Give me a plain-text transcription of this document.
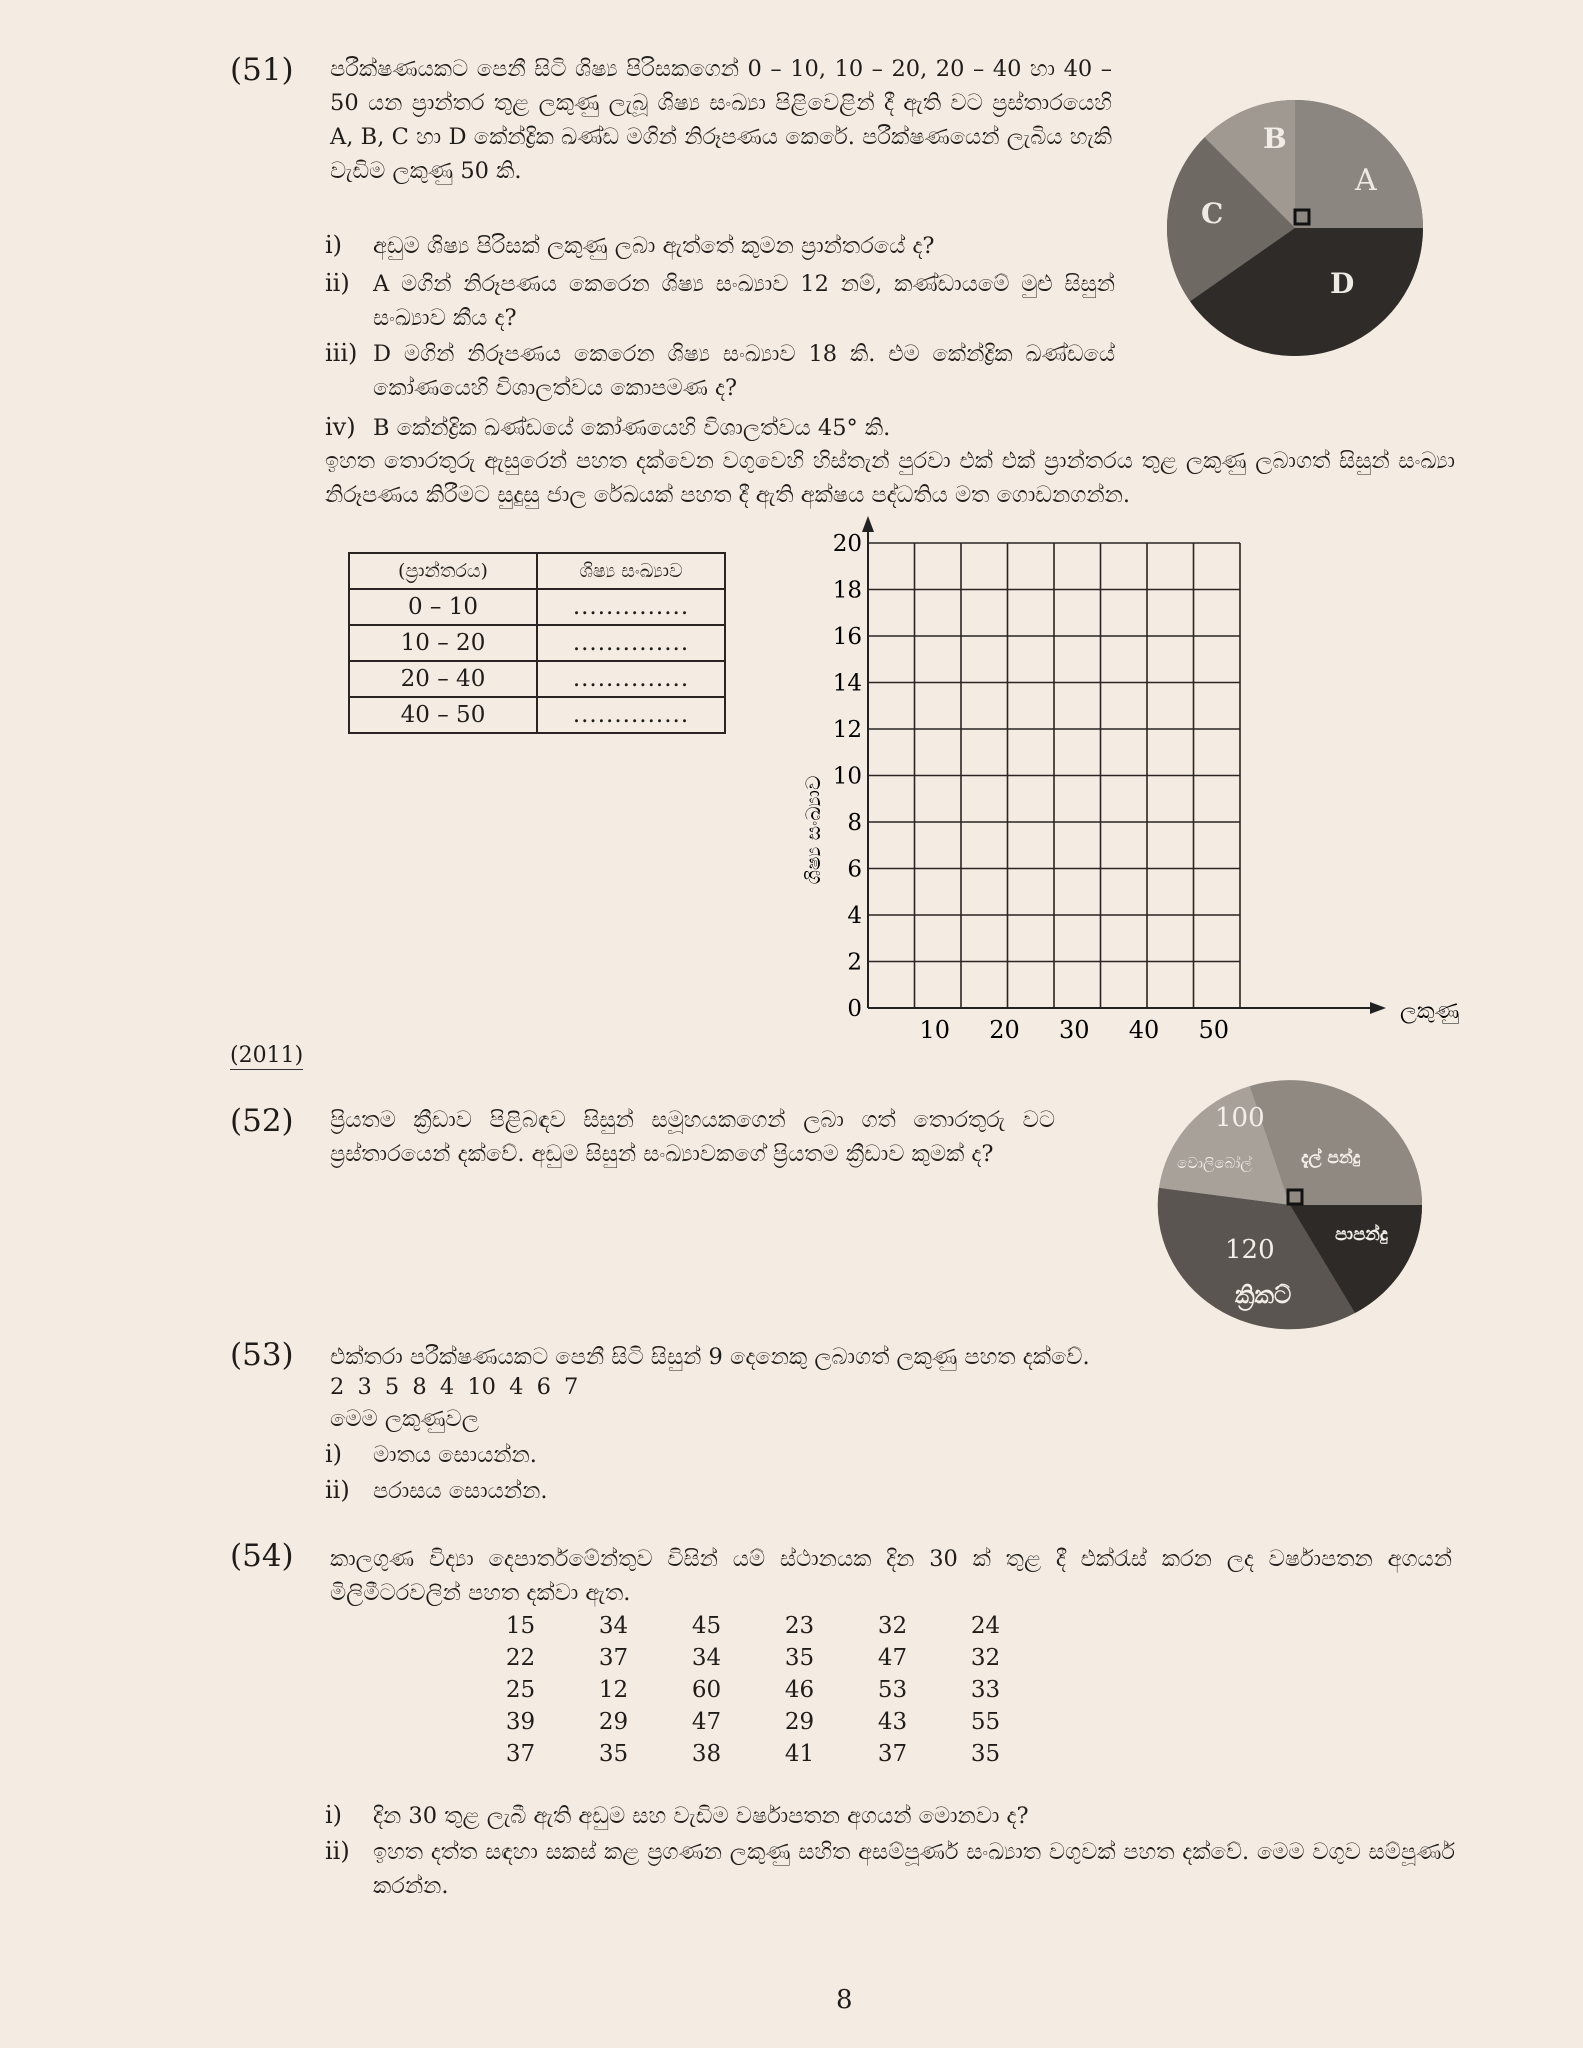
(51) පරීක්ෂණයකට පෙනී සිටි ශිෂ්‍ය පිරිසකගෙන් 0 – 10, 10 – 20, 20 – 40 හා 40 – 50 යන ප්‍රාන්තර තුළ ලකුණු ලැබූ ශිෂ්‍ය සංඛ්‍යා පිළිවෙළින් දී ඇති වට ප්‍රස්තාරයෙහි A, B, C හා D කේන්ද්‍රික ඛණ්ඩ මගින් නිරූපණය කෙරේ. පරීක්ෂණයෙන් ලැබිය හැකි වැඩිම ලකුණු 50 කි.
i) අඩුම ශිෂ්‍ය පිරිසක් ලකුණු ලබා ඇත්තේ කුමන ප්‍රාන්තරයේ ද?
ii) A මගින් නිරූපණය කෙරෙන ශිෂ්‍ය සංඛ්‍යාව 12 නම්, කණ්ඩායමේ මුළු සිසුන් සංඛ්‍යාව කීය ද?
iii) D මගින් නිරූපණය කෙරෙන ශිෂ්‍ය සංඛ්‍යාව 18 කි. එම කේන්ද්‍රික ඛණ්ඩයේ කෝණයෙහි විශාලත්වය කොපමණ ද?
iv) B කේන්ද්‍රික ඛණ්ඩයේ කෝණයෙහි විශාලත්වය 45° කි.
ඉහත තොරතුරු ඇසුරෙන් පහත දක්වෙන වගුවෙහි හිස්තැන් පුරවා එක් එක් ප්‍රාන්තරය තුළ ලකුණු ලබාගත් සිසුන් සංඛ්‍යා නිරූපණය කිරීමට සුදුසු ජාල රේඛයක් පහත දී ඇති අක්ෂය පද්ධතිය මත ගොඩනගන්න.
B
A
C
D
(ප්‍රාන්තරය)	ශිෂ්‍ය සංඛ්‍යාව
0 – 10	..............
10 – 20	..............
20 – 40	..............
40 – 50	..............
0
2
4
6
8
10
12
14
16
18
20
10 20 30 40 50
ලකුණු
ශිෂ්‍ය සංඛ්‍යාව
(2011)
(52) ප්‍රියතම ක්‍රීඩාව පිළිබඳව සිසුන් සමූහයකගෙන් ලබා ගත් තොරතුරු වට ප්‍රස්තාරයෙන් දක්වේ. අඩුම සිසුන් සංඛ්‍යාවකගේ ප්‍රියතම ක්‍රීඩාව කුමක් ද?
100
වොලිබෝල්	දැල් පන්දු
පාපන්දු
120
ක්‍රිකට්
(53) එක්තරා පරීක්ෂණයකට පෙනී සිටි සිසුන් 9 දෙනෙකු ලබාගත් ලකුණු පහත දක්වේ.
2 3 5 8 4 10 4 6 7
මෙම ලකුණුවල
i) මාතය සොයන්න.
ii) පරාසය සොයන්න.
(54) කාලගුණ විද්‍යා දෙපාර්තමේන්තුව විසින් යම් ස්ථානයක දින 30 ක් තුළ දී එක්රැස් කරන ලද වර්ෂාපතන අගයන් මිලිමීටරවලින් පහත දක්වා ඇත.
15	34	45	23	32	24
22	37	34	35	47	32
25	12	60	46	53	33
39	29	47	29	43	55
37	35	38	41	37	35
i) දින 30 තුළ ලැබී ඇති අඩුම සහ වැඩිම වර්ෂාපතන අගයන් මොනවා ද?
ii) ඉහත දත්ත සඳහා සකස් කළ ප්‍රගණන ලකුණු සහිත අසම්පූර්ණ සංඛ්‍යාත වගුවක් පහත දක්වේ. මෙම වගුව සම්පූර්ණ කරන්න.
8
